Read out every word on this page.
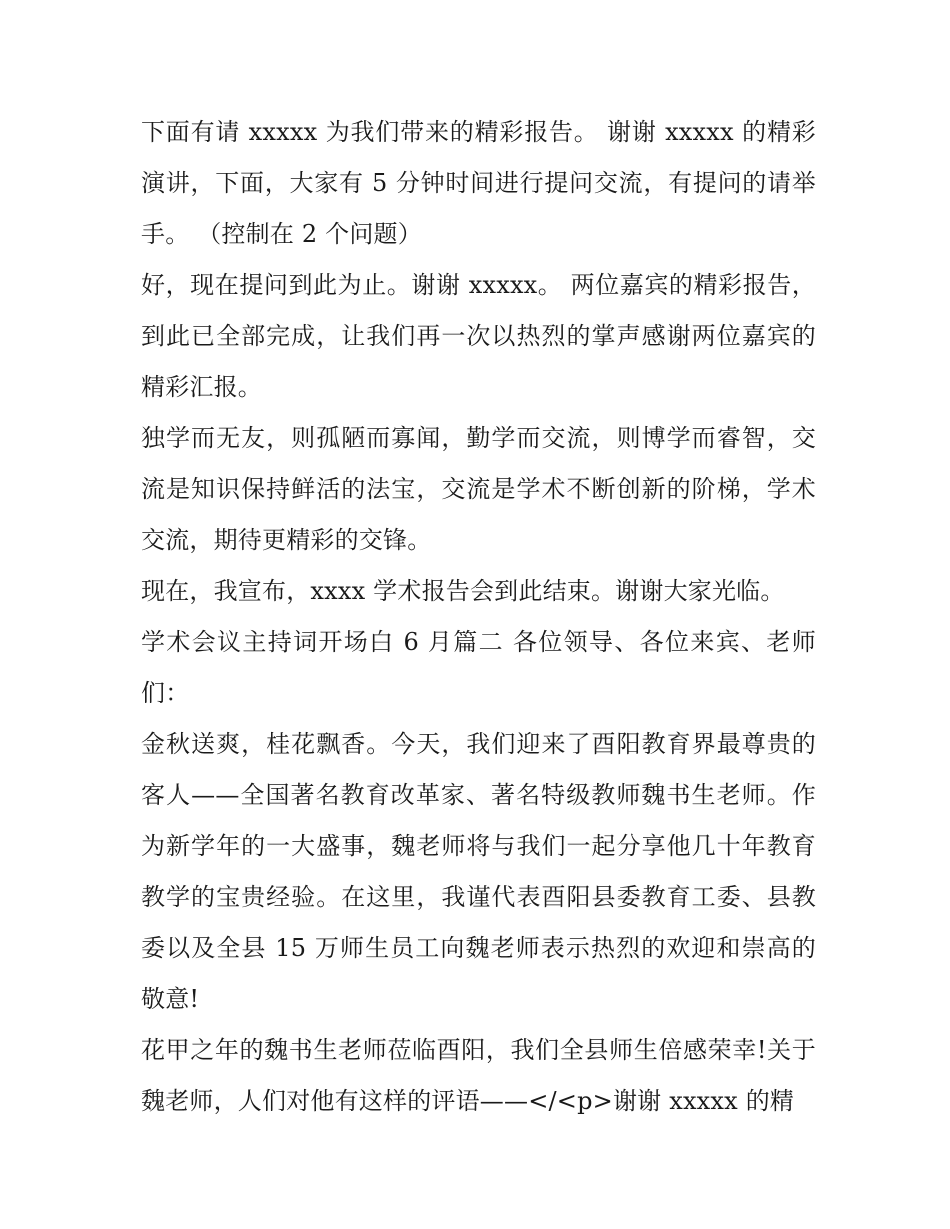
下面有请 xxxxx 为我们带来的精彩报告。 谢谢 xxxxx 的精彩演讲，下面，大家有 5 分钟时间进行提问交流，有提问的请举手。 （控制在 2 个问题）

好，现在提问到此为止。谢谢 xxxxx。 两位嘉宾的精彩报告，到此已全部完成，让我们再一次以热烈的掌声感谢两位嘉宾的精彩汇报。

独学而无友，则孤陋而寡闻，勤学而交流，则博学而睿智，交流是知识保持鲜活的法宝，交流是学术不断创新的阶梯，学术交流，期待更精彩的交锋。

现在，我宣布，xxxx 学术报告会到此结束。谢谢大家光临。

学术会议主持词开场白 6 月篇二 各位领导、各位来宾、老师们：

金秋送爽，桂花飘香。今天，我们迎来了酉阳教育界最尊贵的客人——全国著名教育改革家、著名特级教师魏书生老师。作为新学年的一大盛事，魏老师将与我们一起分享他几十年教育教学的宝贵经验。在这里，我谨代表酉阳县委教育工委、县教委以及全县 15 万师生员工向魏老师表示热烈的欢迎和崇高的敬意!

花甲之年的魏书生老师莅临酉阳，我们全县师生倍感荣幸!关于魏老师，人们对他有这样的评语——</<p>谢谢 xxxxx 的精
